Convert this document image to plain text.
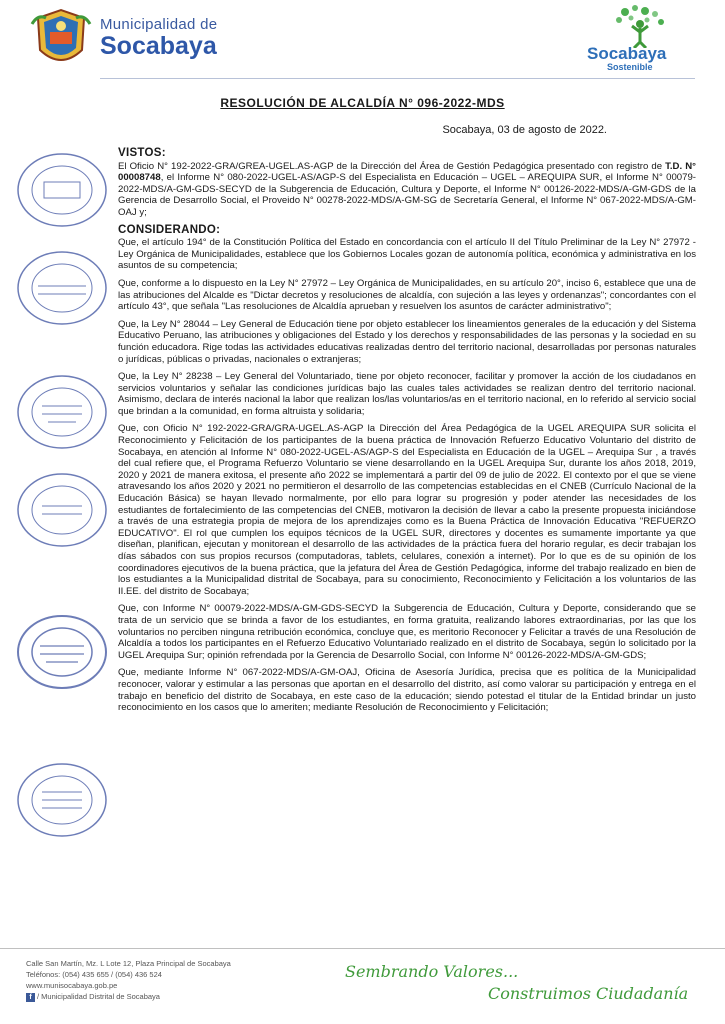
Municipalidad de
Socabaya	Socabaya
Sostenible
RESOLUCIÓN DE ALCALDÍA N° 096-2022-MDS
Socabaya, 03 de agosto de 2022.
VISTOS:

El Oficio N° 192-2022-GRA/GREA-UGEL.AS-AGP de la Dirección del Área de Gestión Pedagógica presentado con registro de T.D. N° 00008748, el Informe N° 080-2022-UGEL-AS/AGP-S del Especialista en Educación – UGEL – AREQUIPA SUR, el Informe N° 00079-2022-MDS/A-GM-GDS-SECYD de la Subgerencia de Educación, Cultura y Deporte, el Informe N° 00126-2022-MDS/A-GM-GDS de la Gerencia de Desarrollo Social, el Proveido N° 00278-2022-MDS/A-GM-SG de Secretaría General, el Informe N° 067-2022-MDS/A-GM-OAJ y;

CONSIDERANDO:

Que, el artículo 194° de la Constitución Política del Estado en concordancia con el artículo II del Título Preliminar de la Ley N° 27972 - Ley Orgánica de Municipalidades, establece que los Gobiernos Locales gozan de autonomía política, económica y administrativa en los asuntos de su competencia;

Que, conforme a lo dispuesto en la Ley N° 27972 – Ley Orgánica de Municipalidades, en su artículo 20°, inciso 6, establece que una de las atribuciones del Alcalde es "Dictar decretos y resoluciones de alcaldía, con sujeción a las leyes y ordenanzas"; concordantes con el artículo 43°, que señala "Las resoluciones de Alcaldía aprueban y resuelven los asuntos de carácter administrativo";

Que, la Ley N° 28044 – Ley General de Educación tiene por objeto establecer los lineamientos generales de la educación y del Sistema Educativo Peruano, las atribuciones y obligaciones del Estado y los derechos y responsabilidades de las personas y la sociedad en su función educadora. Rige todas las actividades educativas realizadas dentro del territorio nacional, desarrolladas por personas naturales o jurídicas, públicas o privadas, nacionales o extranjeras;

Que, la Ley N° 28238 – Ley General del Voluntariado, tiene por objeto reconocer, facilitar y promover la acción de los ciudadanos en servicios voluntarios y señalar las condiciones jurídicas bajo las cuales tales actividades se realizan dentro del territorio nacional. Asimismo, declara de interés nacional la labor que realizan los/las voluntarios/as en el territorio nacional, en lo referido al servicio social que brindan a la comunidad, en forma altruista y solidaria;

Que, con Oficio N° 192-2022-GRA/GRA-UGEL.AS-AGP la Dirección del Área Pedagógica de la UGEL AREQUIPA SUR solicita el Reconocimiento y Felicitación de los participantes de la buena práctica de Innovación Refuerzo Educativo Voluntario del distrito de Socabaya, en atención al Informe N° 080-2022-UGEL-AS/AGP-S del Especialista en Educación de la UGEL – Arequipa Sur , a través del cual refiere que, el Programa Refuerzo Voluntario se viene desarrollando en la UGEL Arequipa Sur, durante los años 2018, 2019, 2020 y 2021 de manera exitosa, el presente año 2022 se implementará a partir del 09 de julio de 2022. El contexto por el que se viene atravesando los años 2020 y 2021 no permitieron el desarrollo de las competencias establecidas en el CNEB (Currículo Nacional de la Educación Básica) se hayan llevado normalmente, por ello para lograr su progresión y poder atender las necesidades de los estudiantes de fortalecimiento de las competencias del CNEB, motivaron la decisión de llevar a cabo la presente propuesta iniciándose a través de una estrategia propia de mejora de los aprendizajes como es la Buena Práctica de Innovación Educativa "REFUERZO EDUCATIVO". El rol que cumplen los equipos técnicos de la UGEL SUR, directores y docentes es sumamente importante ya que diseñan, planifican, ejecutan y monitorean el desarrollo de las actividades de la práctica fuera del horario regular, es decir trabajan los días sábados con sus propios recursos (computadoras, tablets, celulares, conexión a internet). Por lo que es de su opinión de los coordinadores ejecutivos de la buena práctica, que la jefatura del Área de Gestión Pedagógica, informe del trabajo realizado en bien de los estudiantes a la Municipalidad distrital de Socabaya, para su conocimiento, Reconocimiento y Felicitación a los voluntarios de las II.EE. del distrito de Socabaya;

Que, con Informe N° 00079-2022-MDS/A-GM-GDS-SECYD la Subgerencia de Educación, Cultura y Deporte, considerando que se trata de un servicio que se brinda a favor de los estudiantes, en forma gratuita, realizando labores extraordinarias, por las que los voluntarios no perciben ninguna retribución económica, concluye que, es meritorio Reconocer y Felicitar a través de una Resolución de Alcaldía a todos los participantes en el Refuerzo Educativo Voluntariado realizado en el distrito de Socabaya, según lo solicitado por la UGEL Arequipa Sur; opinión refrendada por la Gerencia de Desarrollo Social, con Informe N° 00126-2022-MDS/A-GM-GDS;

Que, mediante Informe N° 067-2022-MDS/A-GM-OAJ, Oficina de Asesoría Jurídica, precisa que es política de la Municipalidad reconocer, valorar y estimular a las personas que aportan en el desarrollo del distrito, así como valorar su participación y entrega en el trabajo en beneficio del distrito de Socabaya, en este caso de la educación; siendo potestad el titular de la Entidad brindar un justo reconocimiento en los casos que lo ameriten; mediante Resolución de Reconocimiento y Felicitación;

Calle San Martín, Mz. L Lote 12, Plaza Principal de Socabaya
Teléfonos: (054) 435 655 / (054) 436 524
www.munisocabaya.gob.pe
f / Municipalidad Distrital de Socabaya
Sembrando Valores...
Construimos Ciudadanía
